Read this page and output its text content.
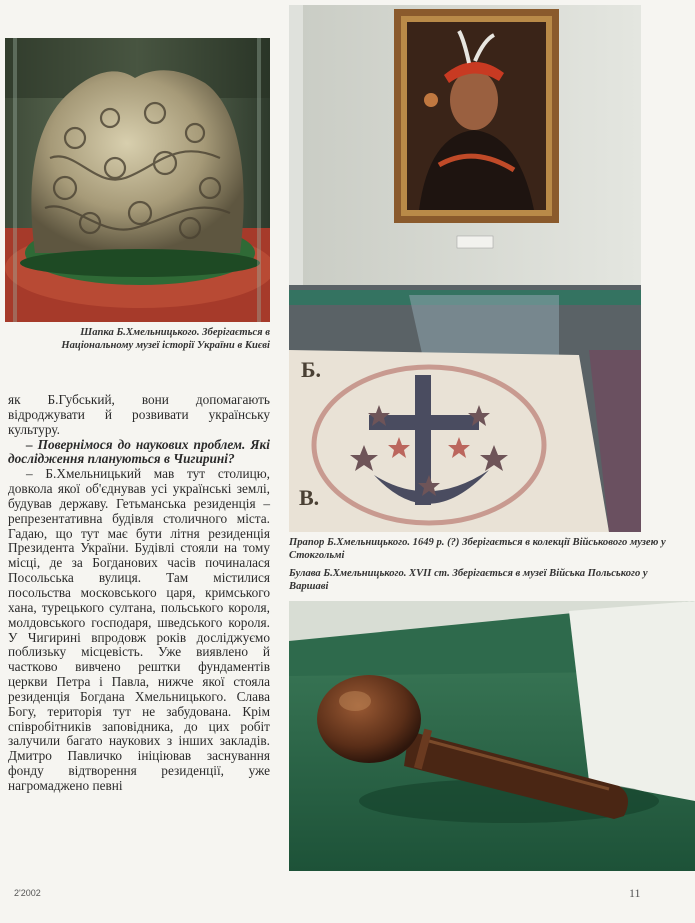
Шапка Б.Хмельницького. Зберігається в Національному музеї історії України в Києві
Б.
В.
Прапор Б.Хмельницького. 1649 р. (?) Зберігається в колекції Військового музею у Стокгольмі
Булава Б.Хмельницького. XVII ст. Зберігається в музеї Війська Польського у Варшаві

як Б.Губський, вони допомагають відроджувати й розвивати українську культуру.

– Повернімося до наукових проблем. Які дослідження плануються в Чигирині?

– Б.Хмельницький мав тут столицю, довкола якої об'єднував усі українські землі, будував державу. Гетьманська резиденція – репрезентативна будівля столичного міста. Гадаю, що тут має бути літня резиденція Президента України. Будівлі стояли на тому місці, де за Богданових часів починалася Посольська вулиця. Там містилися посольства московського царя, кримського хана, турецького султана, польського короля, молдовського господаря, шведського короля. У Чигирині впродовж років досліджуємо поблизьку місцевість. Уже виявлено й частково вивчено рештки фундаментів церкви Петра і Павла, нижче якої стояла резиденція Богдана Хмельницького. Слава Богу, територія тут не забудована. Крім співробітників заповідника, до цих робіт залучили багато наукових з інших закладів. Дмитро Павличко ініціював заснування фонду відтворення резиденції, уже нагромаджено певні

2'2002	11
